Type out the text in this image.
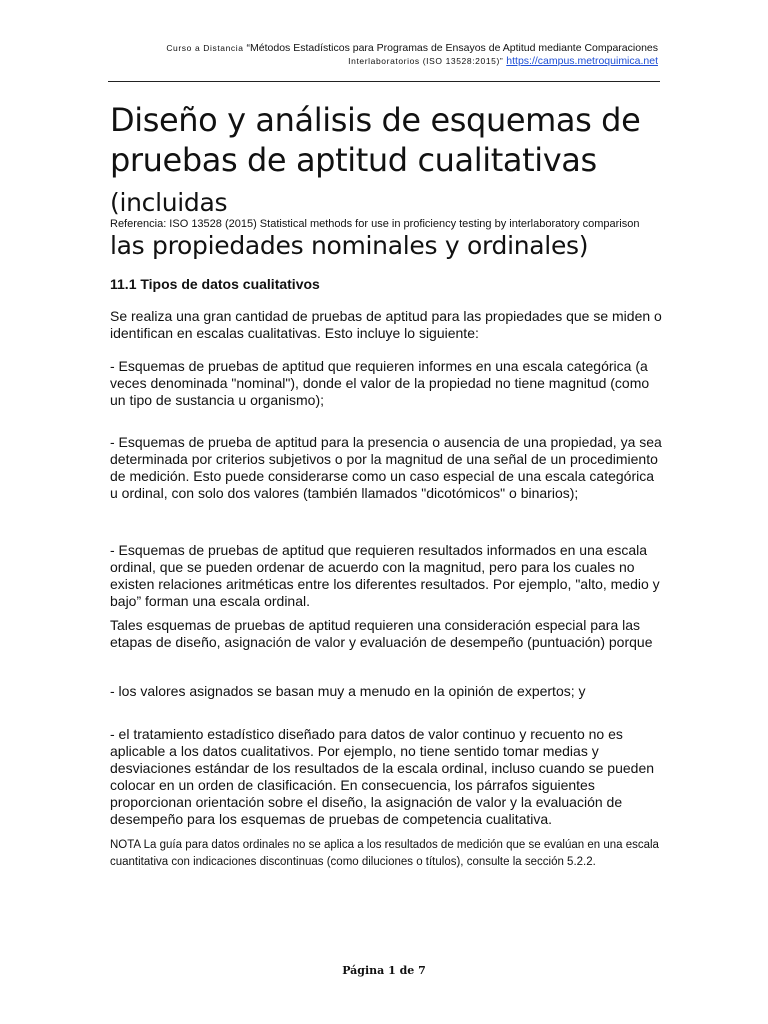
Curso a Distancia “Métodos Estadísticos para Programas de Ensayos de Aptitud mediante Comparaciones
Interlaboratorios (ISO 13528:2015)” https://campus.metroquimica.net
Diseño y análisis de esquemas de pruebas de aptitud cualitativas (incluidas
las propiedades nominales y ordinales)
Referencia: ISO 13528 (2015) Statistical methods for use in proficiency testing by interlaboratory comparison
11.1 Tipos de datos cualitativos

Se realiza una gran cantidad de pruebas de aptitud para las propiedades que se miden o identifican en escalas cualitativas. Esto incluye lo siguiente:

- Esquemas de pruebas de aptitud que requieren informes en una escala categórica (a veces denominada "nominal"), donde el valor de la propiedad no tiene magnitud (como un tipo de sustancia u organismo);

- Esquemas de prueba de aptitud para la presencia o ausencia de una propiedad, ya sea determinada por criterios subjetivos o por la magnitud de una señal de un procedimiento de medición. Esto puede considerarse como un caso especial de una escala categórica u ordinal, con solo dos valores (también llamados "dicotómicos" o binarios);

- Esquemas de pruebas de aptitud que requieren resultados informados en una escala ordinal, que se pueden ordenar de acuerdo con la magnitud, pero para los cuales no existen relaciones aritméticas entre los diferentes resultados. Por ejemplo, "alto, medio y bajo” forman una escala ordinal.

Tales esquemas de pruebas de aptitud requieren una consideración especial para las etapas de diseño, asignación de valor y evaluación de desempeño (puntuación) porque

- los valores asignados se basan muy a menudo en la opinión de expertos; y

- el tratamiento estadístico diseñado para datos de valor continuo y recuento no es aplicable a los datos cualitativos. Por ejemplo, no tiene sentido tomar medias y desviaciones estándar de los resultados de la escala ordinal, incluso cuando se pueden colocar en un orden de clasificación. En consecuencia, los párrafos siguientes proporcionan orientación sobre el diseño, la asignación de valor y la evaluación de desempeño para los esquemas de pruebas de competencia cualitativa.

NOTA La guía para datos ordinales no se aplica a los resultados de medición que se evalúan en una escala cuantitativa con indicaciones discontinuas (como diluciones o títulos), consulte la sección 5.2.2.

Página 1 de 7
